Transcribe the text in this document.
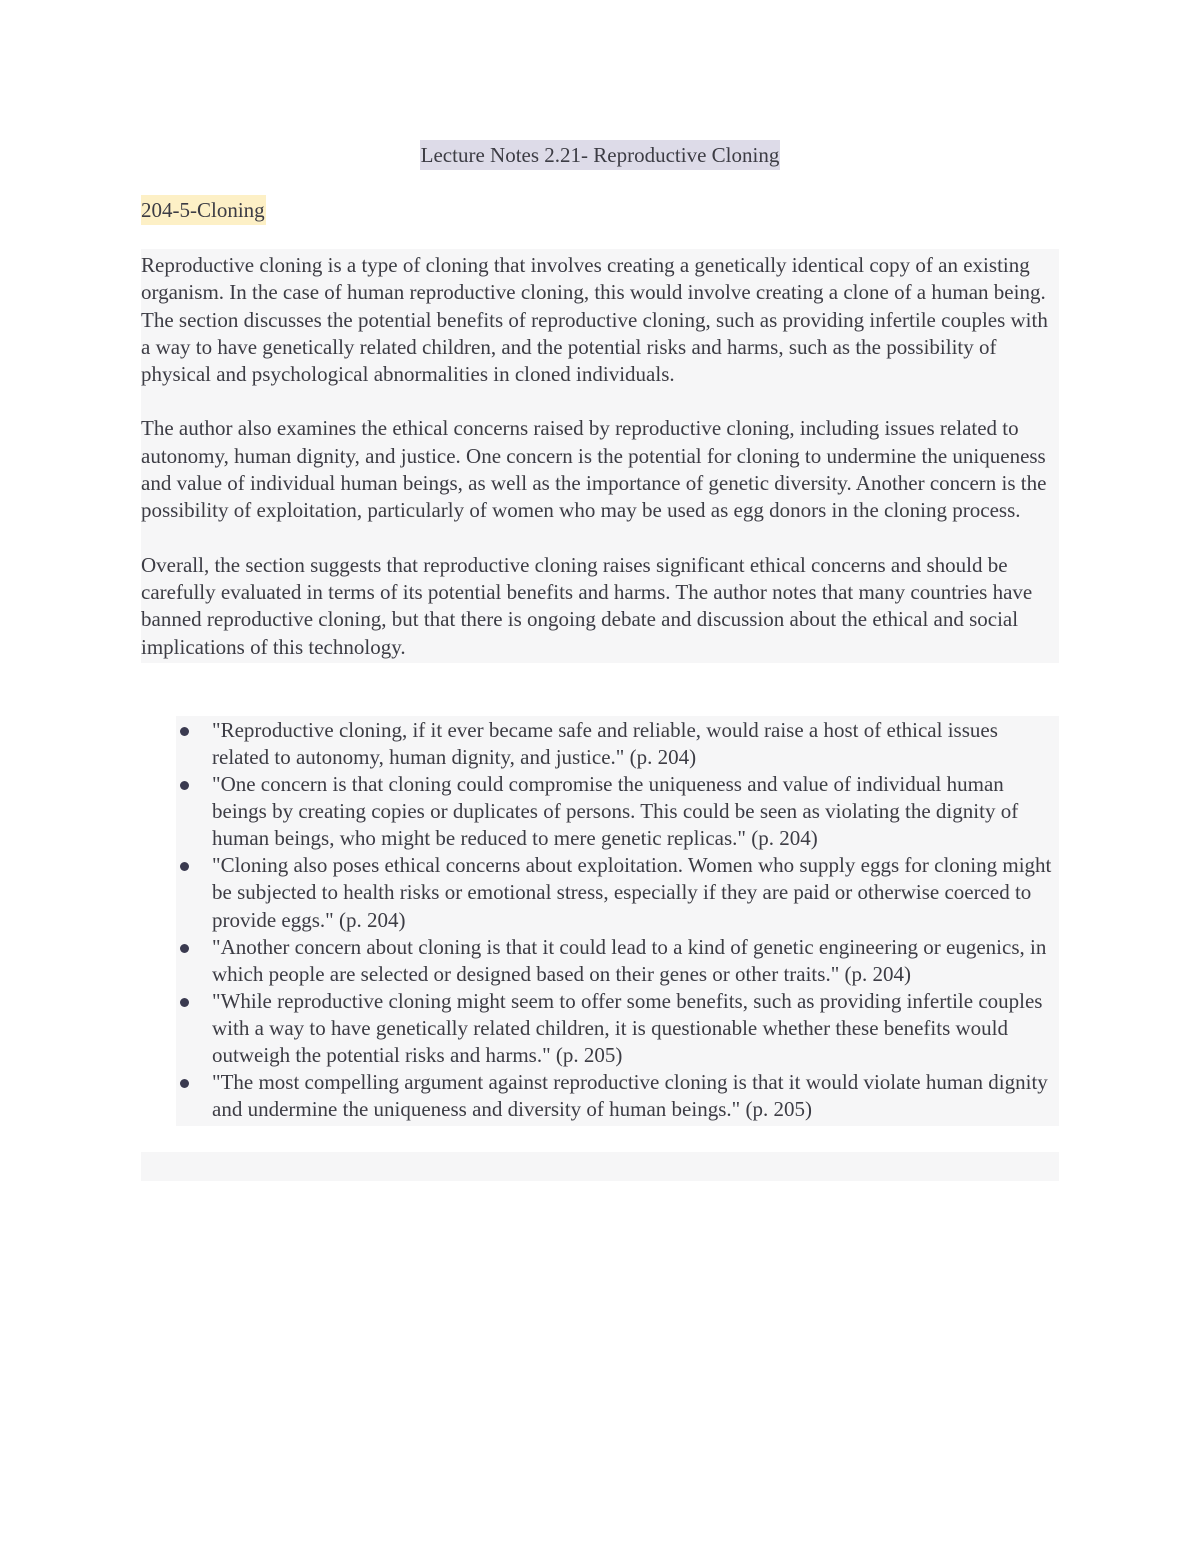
Lecture Notes 2.21- Reproductive Cloning
204-5-Cloning

Reproductive cloning is a type of cloning that involves creating a genetically identical copy of an existing organism. In the case of human reproductive cloning, this would involve creating a clone of a human being. The section discusses the potential benefits of reproductive cloning, such as providing infertile couples with a way to have genetically related children, and the potential risks and harms, such as the possibility of physical and psychological abnormalities in cloned individuals.

The author also examines the ethical concerns raised by reproductive cloning, including issues related to autonomy, human dignity, and justice. One concern is the potential for cloning to undermine the uniqueness and value of individual human beings, as well as the importance of genetic diversity. Another concern is the possibility of exploitation, particularly of women who may be used as egg donors in the cloning process.

Overall, the section suggests that reproductive cloning raises significant ethical concerns and should be carefully evaluated in terms of its potential benefits and harms. The author notes that many countries have banned reproductive cloning, but that there is ongoing debate and discussion about the ethical and social implications of this technology.

"Reproductive cloning, if it ever became safe and reliable, would raise a host of ethical issues related to autonomy, human dignity, and justice." (p. 204)
"One concern is that cloning could compromise the uniqueness and value of individual human beings by creating copies or duplicates of persons. This could be seen as violating the dignity of human beings, who might be reduced to mere genetic replicas." (p. 204)
"Cloning also poses ethical concerns about exploitation. Women who supply eggs for cloning might be subjected to health risks or emotional stress, especially if they are paid or otherwise coerced to provide eggs." (p. 204)
"Another concern about cloning is that it could lead to a kind of genetic engineering or eugenics, in which people are selected or designed based on their genes or other traits." (p. 204)
"While reproductive cloning might seem to offer some benefits, such as providing infertile couples with a way to have genetically related children, it is questionable whether these benefits would outweigh the potential risks and harms." (p. 205)
"The most compelling argument against reproductive cloning is that it would violate human dignity and undermine the uniqueness and diversity of human beings." (p. 205)
